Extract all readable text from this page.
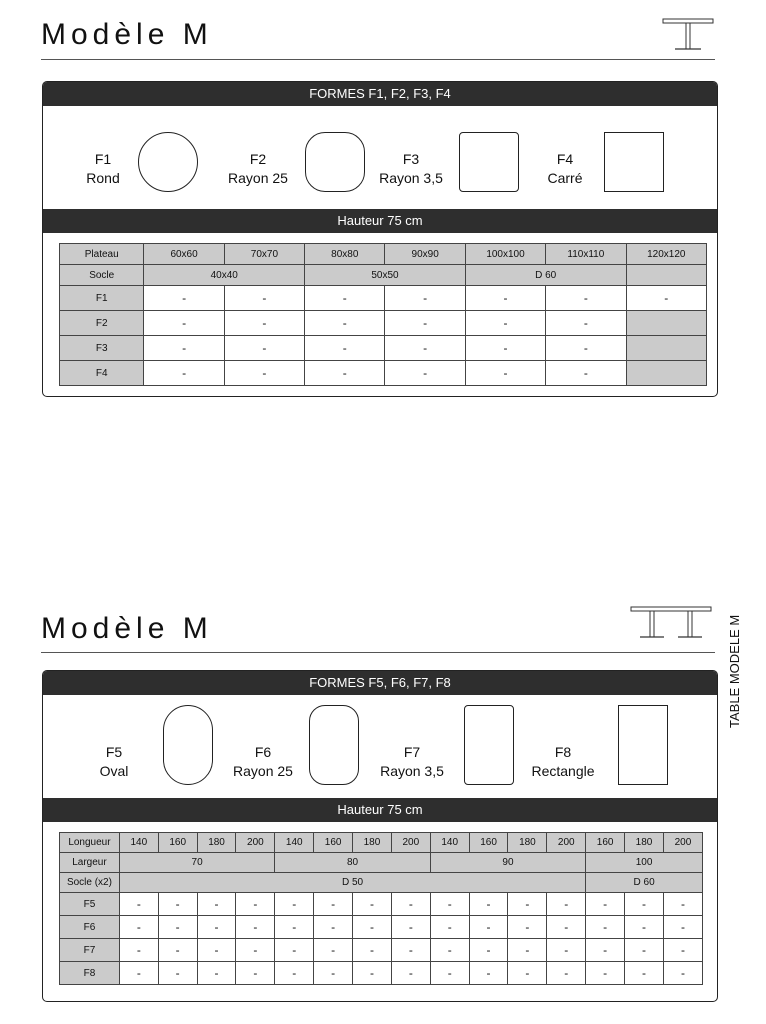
Modèle M
FORMES F1, F2, F3, F4
F1
Rond
F2
Rayon 25
F3
Rayon 3,5
F4
Carré
Hauteur 75 cm
Plateau	60x60	70x70	80x80	90x90	100x100	110x110	120x120
Socle	40x40		50x50		D 60		
F1	-	-	-	-	-	-	-
F2	-	-	-	-	-	-	
F3	-	-	-	-	-	-	
F4	-	-	-	-	-	-	
TABLE MODELE M
Modèle M
FORMES F5, F6, F7, F8
F5
Oval
F6
Rayon 25
F7
Rayon 3,5
F8
Rectangle
Hauteur 75 cm
Longueur	140	160	180	200	140	160	180	200	140	160	180	200	160	180	200
Largeur	70				80				90				100		
Socle (x2)	D 50												D 60		
F5	-	-	-	-	-	-	-	-	-	-	-	-	-	-	-
F6	-	-	-	-	-	-	-	-	-	-	-	-	-	-	-
F7	-	-	-	-	-	-	-	-	-	-	-	-	-	-	-
F8	-	-	-	-	-	-	-	-	-	-	-	-	-	-	-
